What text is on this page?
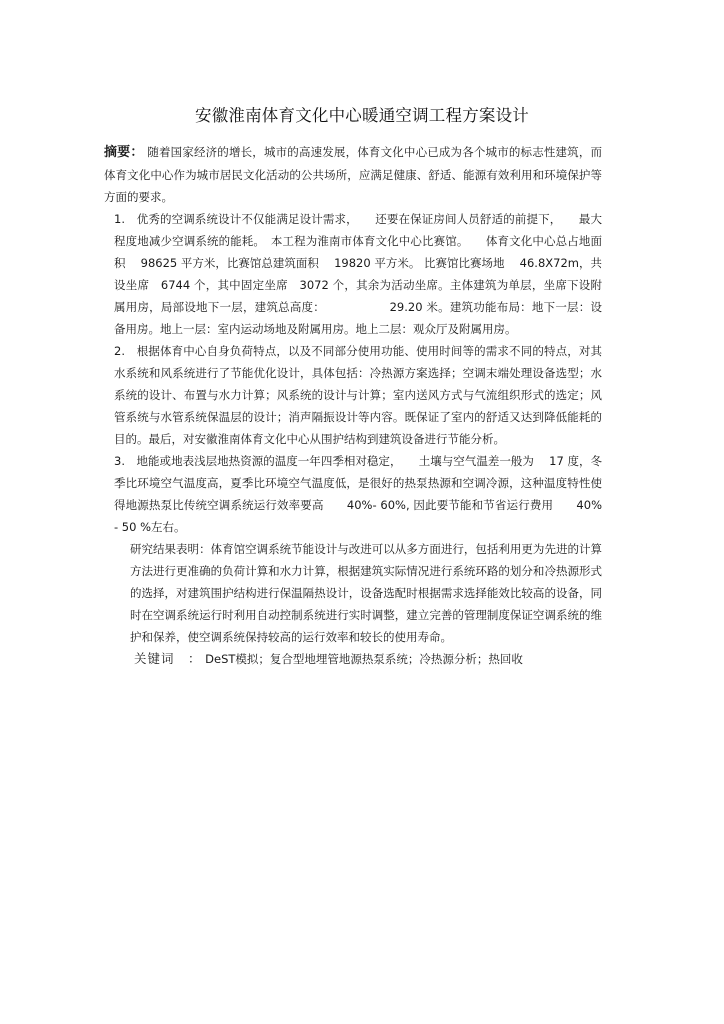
安徽淮南体育文化中心暖通空调工程方案设计

摘要： 随着国家经济的增长，城市的高速发展，体育文化中心已成为各个城市的标志性建筑，而体育文化中心作为城市居民文化活动的公共场所，应满足健康、舒适、能源有效利用和环境保护等方面的要求。

1.　优秀的空调系统设计不仅能满足设计需求，　　还要在保证房间人员舒适的前提下，　　最大程度地减少空调系统的能耗。　本工程为淮南市体育文化中心比赛馆。　　体育文化中心总占地面积　 98625 平方米，比赛馆总建筑面积　 19820 平方米。 比赛馆比赛场地　 46.8X72m，共设坐席　6744 个，其中固定坐席　3072 个，其余为活动坐席。主体建筑为单层，坐席下设附属用房，局部设地下一层，建筑总高度：　　　　　　29.20 米。建筑功能布局：地下一层：设备用房。地上一层：室内运动场地及附属用房。地上二层：观众厅及附属用房。

2.　根据体育中心自身负荷特点，以及不同部分使用功能、使用时间等的需求不同的特点，对其水系统和风系统进行了节能优化设计，具体包括：冷热源方案选择；空调末端处理设备选型；水系统的设计、布置与水力计算；风系统的设计与计算；室内送风方式与气流组织形式的选定；风管系统与水管系统保温层的设计；消声隔振设计等内容。既保证了室内的舒适又达到降低能耗的目的。最后，对安徽淮南体育文化中心从围护结构到建筑设备进行节能分析。

3.　地能或地表浅层地热资源的温度一年四季相对稳定，　　土壤与空气温差一般为　 17 度，冬季比环境空气温度高，夏季比环境空气温度低，是很好的热泵热源和空调冷源，这种温度特性使得地源热泵比传统空调系统运行效率要高　　40%- 60%, 因此要节能和节省运行费用　　40% - 50 %左右。

研究结果表明：体育馆空调系统节能设计与改进可以从多方面进行，包括利用更为先进的计算方法进行更准确的负荷计算和水力计算，根据建筑实际情况进行系统环路的划分和冷热源形式的选择，对建筑围护结构进行保温隔热设计，设备选配时根据需求选择能效比较高的设备，同时在空调系统运行时利用自动控制系统进行实时调整，建立完善的管理制度保证空调系统的维护和保养，使空调系统保持较高的运行效率和较长的使用寿命。

关键词　： DeST模拟；复合型地埋管地源热泵系统；冷热源分析；热回收
